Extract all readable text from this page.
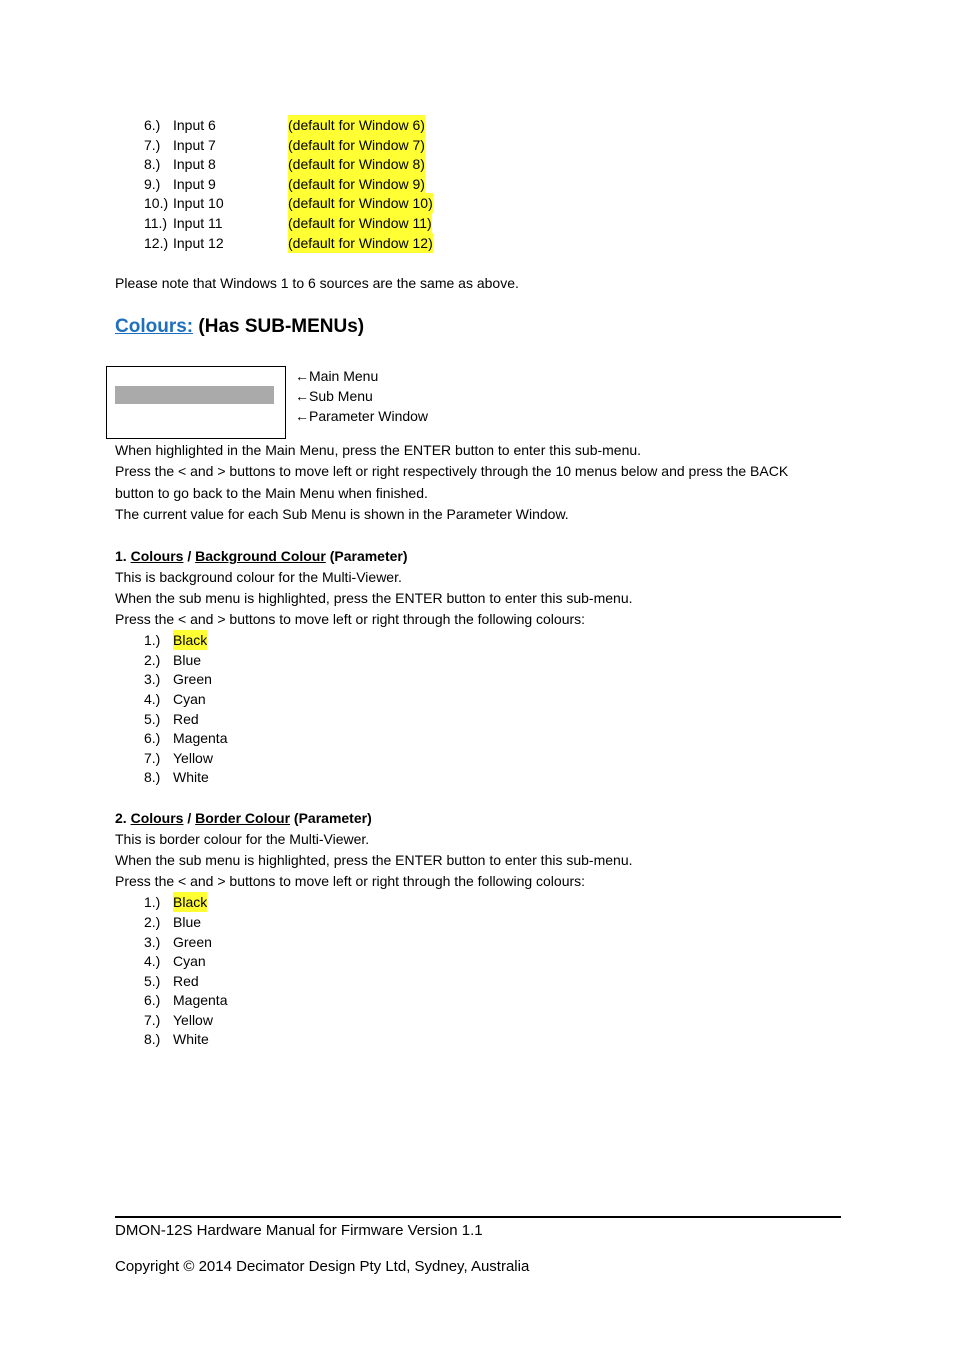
6.) Input 6	(default for Window 6)
7.) Input 7	(default for Window 7)
8.) Input 8	(default for Window 8)
9.) Input 9	(default for Window 9)
10.) Input 10	(default for Window 10)
11.) Input 11	(default for Window 11)
12.) Input 12	(default for Window 12)
Please note that Windows 1 to 6 sources are the same as above.
Colours: (Has SUB-MENUs)
←Main Menu
←Sub Menu
←Parameter Window
When highlighted in the Main Menu, press the ENTER button to enter this sub-menu.
Press the < and > buttons to move left or right respectively through the 10 menus below and press the BACK
button to go back to the Main Menu when finished.
The current value for each Sub Menu is shown in the Parameter Window.
1. Colours / Background Colour (Parameter)
This is background colour for the Multi-Viewer.
When the sub menu is highlighted, press the ENTER button to enter this sub-menu.
Press the < and > buttons to move left or right through the following colours:
1.) Black
2.) Blue
3.) Green
4.) Cyan
5.) Red
6.) Magenta
7.) Yellow
8.) White
2. Colours / Border Colour (Parameter)
This is border colour for the Multi-Viewer.
When the sub menu is highlighted, press the ENTER button to enter this sub-menu.
Press the < and > buttons to move left or right through the following colours:
1.) Black
2.) Blue
3.) Green
4.) Cyan
5.) Red
6.) Magenta
7.) Yellow
8.) White
DMON-12S Hardware Manual for Firmware Version 1.1
Copyright © 2014 Decimator Design Pty Ltd, Sydney, Australia
